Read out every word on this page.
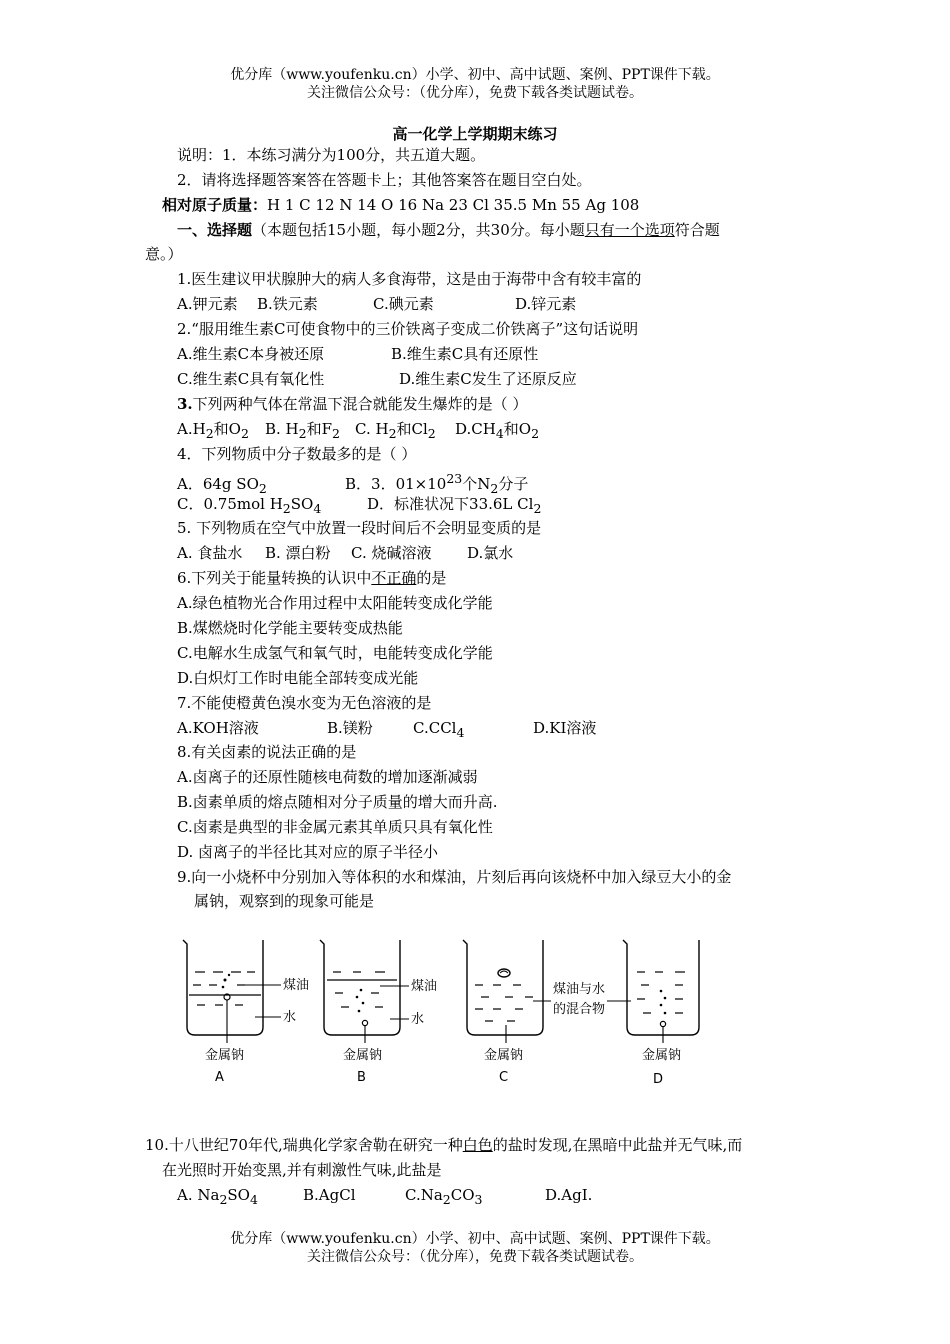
优分库（www.youfenku.cn）小学、初中、高中试题、案例、PPT课件下载。
关注微信公众号：（优分库），免费下载各类试题试卷。
高一化学上学期期末练习
说明：1．本练习满分为100分，共五道大题。
2．请将选择题答案答在答题卡上；其他答案答在题目空白处。
相对原子质量：H 1 C 12 N 14 O 16 Na 23 Cl 35.5 Mn 55 Ag 108
一、选择题（本题包括15小题，每小题2分，共30分。每小题只有一个选项符合题
意。）
1.医生建议甲状腺肿大的病人多食海带，这是由于海带中含有较丰富的
A.钾元素 B.铁元素	C.碘元素	D.锌元素
2.“服用维生素C可使食物中的三价铁离子变成二价铁离子”这句话说明
A.维生素C本身被还原	B.维生素C具有还原性
C.维生素C具有氧化性	D.维生素C发生了还原反应
3.下列两种气体在常温下混合就能发生爆炸的是（ ）
$A.H_2$和$O_2$ B. $H_2$和$F_2$ C. $H_2$和$Cl_2$ $D.CH_4$和$O_2$
4．下列物质中分子数最多的是（ ）
A．64g $SO_2$	B．3．$01\times 10^{23}$个$N_2$分子
C．0.75mol $H_2SO_4$	D．标准状况下33.6L $Cl_2$
5. 下列物质在空气中放置一段时间后不会明显变质的是
A. 食盐水 B. 漂白粉 C. 烧碱溶液 D.氯水
6.下列关于能量转换的认识中不正确的是
A.绿色植物光合作用过程中太阳能转变成化学能
B.煤燃烧时化学能主要转变成热能
C.电解水生成氢气和氧气时，电能转变成化学能
D.白炽灯工作时电能全部转变成光能
7.不能使橙黄色溴水变为无色溶液的是
A.KOH溶液	B.镁粉	C.CCl$_4$	D.KI溶液
8.有关卤素的说法正确的是
A.卤离子的还原性随核电荷数的增加逐渐减弱
B.卤素单质的熔点随相对分子质量的增大而升高.
C.卤素是典型的非金属元素其单质只具有氧化性
D. 卤离子的半径比其对应的原子半径小
9.向一小烧杯中分别加入等体积的水和煤油，片刻后再向该烧杯中加入绿豆大小的金
属钠，观察到的现象可能是
煤油
水
煤油
水
煤油与水
的混合物
金属钠	金属钠	金属钠	金属钠
A	B	C	D
10.十八世纪70年代,瑞典化学家舍勒在研究一种白色的盐时发现,在黑暗中此盐并无气味,而
在光照时开始变黑,并有刺激性气味,此盐是
A. $Na_2SO_4$	B.AgCl	$C.Na_2CO_3$	D.AgI.
优分库（www.youfenku.cn）小学、初中、高中试题、案例、PPT课件下载。
关注微信公众号：（优分库），免费下载各类试题试卷。
